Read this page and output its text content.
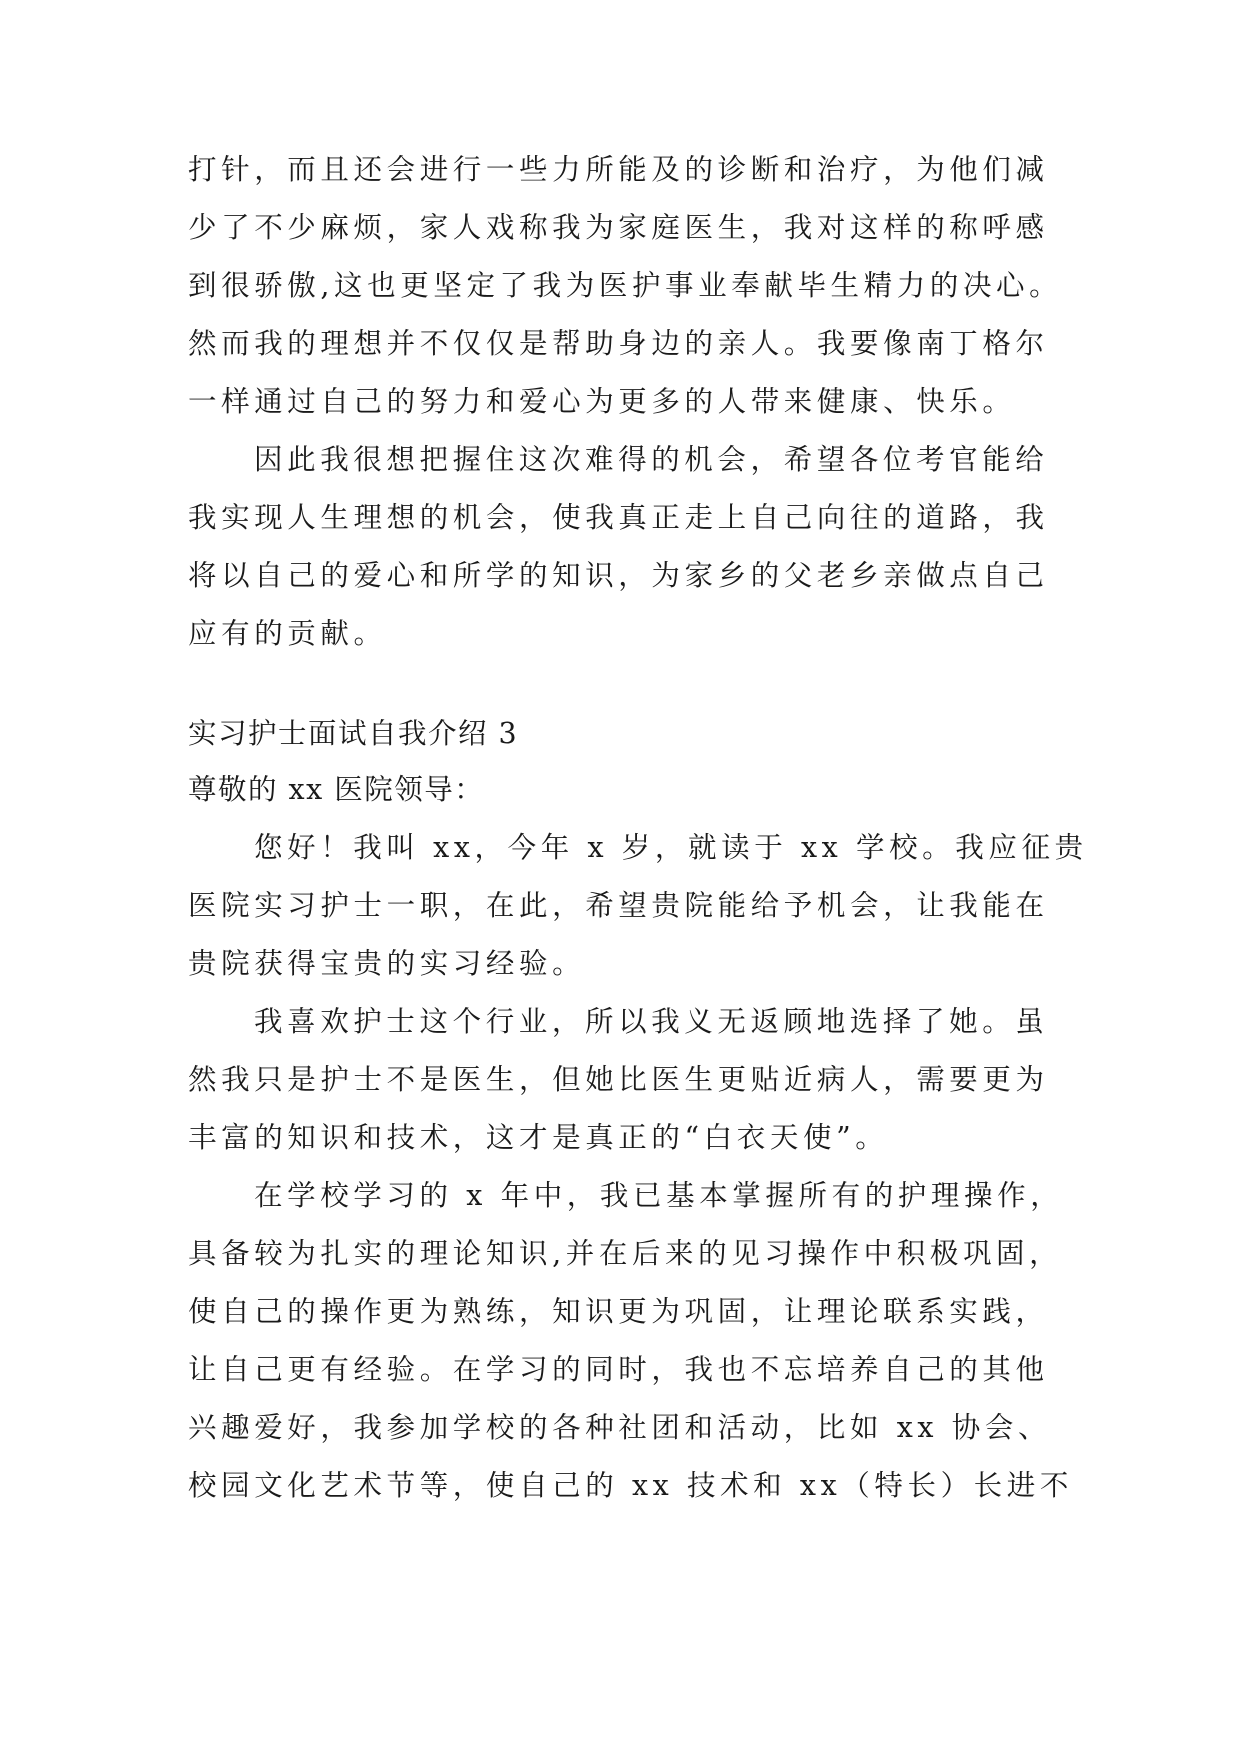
打针，而且还会进行一些力所能及的诊断和治疗，为他们减
少了不少麻烦，家人戏称我为家庭医生，我对这样的称呼感
到很骄傲,这也更坚定了我为医护事业奉献毕生精力的决心。
然而我的理想并不仅仅是帮助身边的亲人。我要像南丁格尔
一样通过自己的努力和爱心为更多的人带来健康、快乐。
因此我很想把握住这次难得的机会，希望各位考官能给
我实现人生理想的机会，使我真正走上自己向往的道路，我
将以自己的爱心和所学的知识，为家乡的父老乡亲做点自己
应有的贡献。
实习护士面试自我介绍 3
尊敬的 xx 医院领导：
您好！我叫 xx，今年 x 岁，就读于 xx 学校。我应征贵
医院实习护士一职，在此，希望贵院能给予机会，让我能在
贵院获得宝贵的实习经验。
我喜欢护士这个行业，所以我义无返顾地选择了她。虽
然我只是护士不是医生，但她比医生更贴近病人，需要更为
丰富的知识和技术，这才是真正的“白衣天使”。
在学校学习的 x 年中，我已基本掌握所有的护理操作，
具备较为扎实的理论知识,并在后来的见习操作中积极巩固，
使自己的操作更为熟练，知识更为巩固，让理论联系实践，
让自己更有经验。在学习的同时，我也不忘培养自己的其他
兴趣爱好，我参加学校的各种社团和活动，比如 xx 协会、
校园文化艺术节等，使自己的 xx 技术和 xx（特长）长进不
